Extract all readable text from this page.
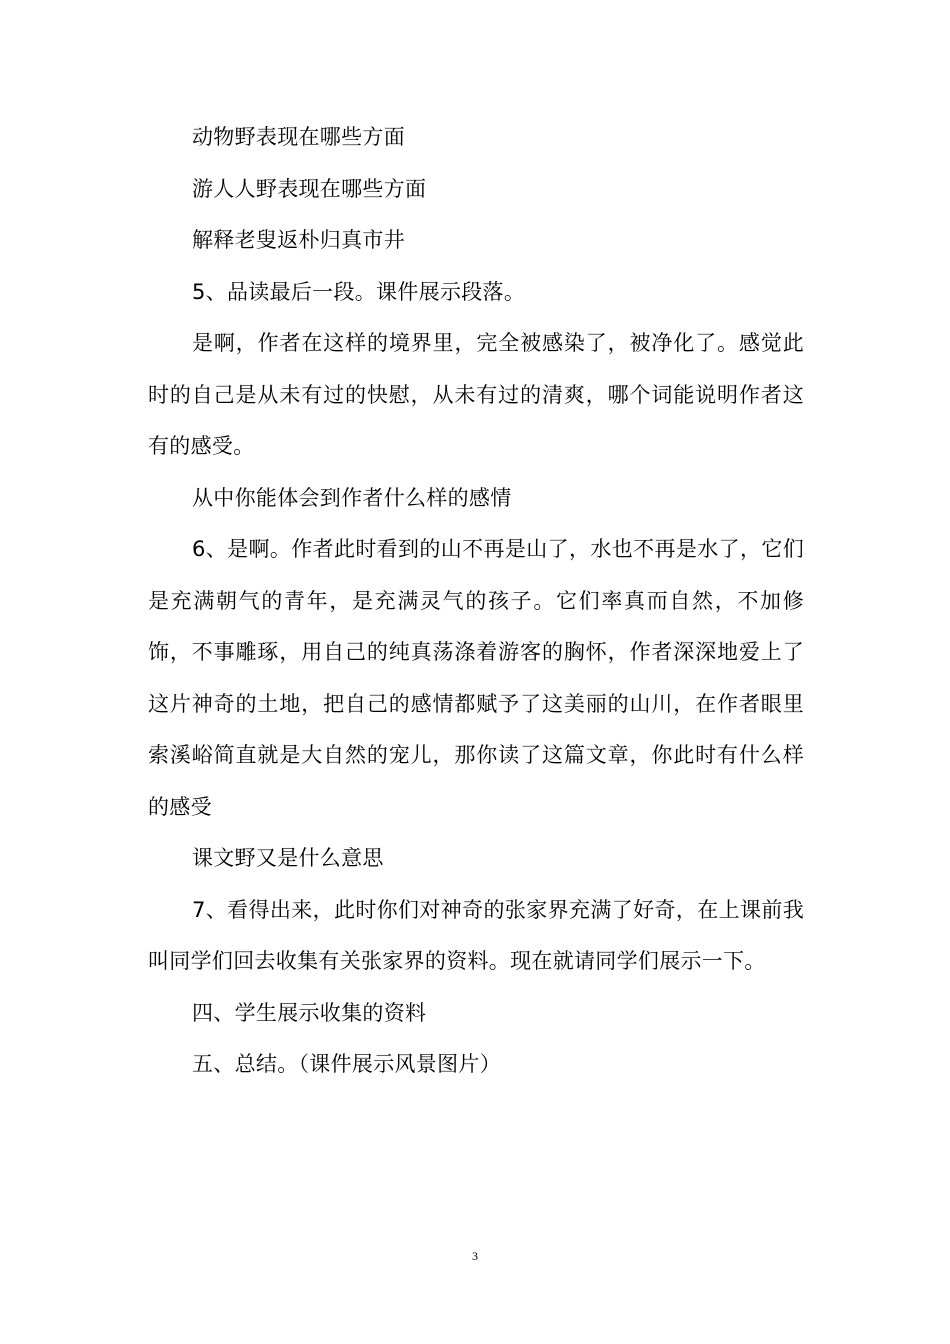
动物野表现在哪些方面

游人人野表现在哪些方面

解释老叟返朴归真市井

5、品读最后一段。课件展示段落。

是啊，作者在这样的境界里，完全被感染了，被净化了。感觉此时的自己是从未有过的快慰，从未有过的清爽，哪个词能说明作者这有的感受。

从中你能体会到作者什么样的感情

6、是啊。作者此时看到的山不再是山了，水也不再是水了，它们是充满朝气的青年，是充满灵气的孩子。它们率真而自然，不加修饰，不事雕琢，用自己的纯真荡涤着游客的胸怀，作者深深地爱上了这片神奇的土地，把自己的感情都赋予了这美丽的山川，在作者眼里索溪峪简直就是大自然的宠儿，那你读了这篇文章，你此时有什么样的感受

课文野又是什么意思

7、看得出来，此时你们对神奇的张家界充满了好奇，在上课前我叫同学们回去收集有关张家界的资料。现在就请同学们展示一下。

四、学生展示收集的资料

五、总结。（课件展示风景图片）

3
